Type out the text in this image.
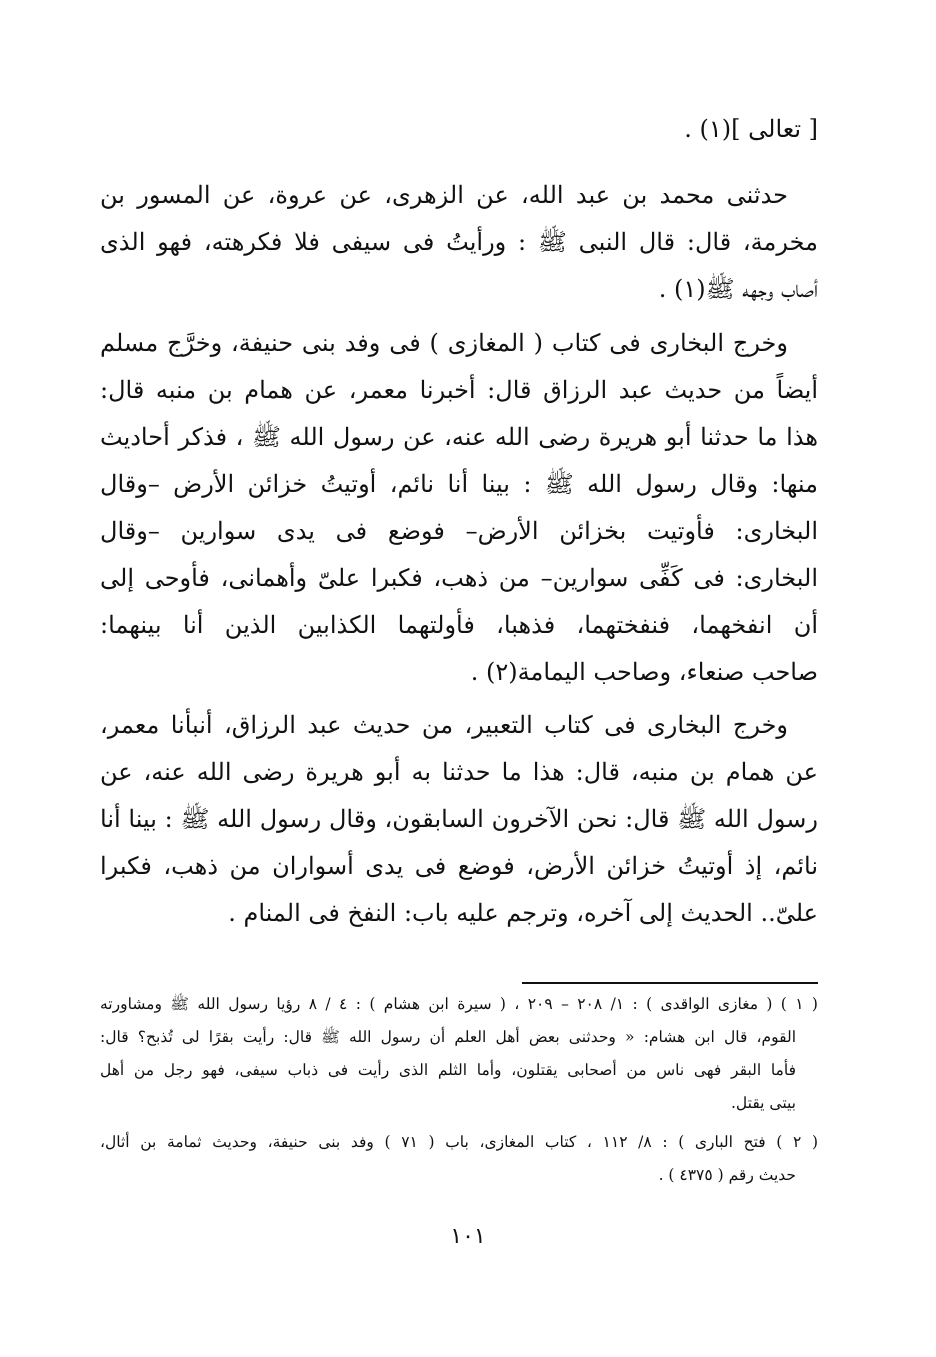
[ تعالى ](١) .
حدثنى محمد بن عبد الله، عن الزهرى، عن عروة، عن المسور بن
مخرمة، قال: قال النبى ﷺ : ورأيتُ فى سيفى فلا فكرهته، فهو الذى
أصاب وجهه ﷺ(١) .
وخرج البخارى فى كتاب ( المغازى ) فى وفد بنى حنيفة، وخرَّج مسلم
أيضاً من حديث عبد الرزاق قال: أخبرنا معمر، عن همام بن منبه قال:
هذا ما حدثنا أبو هريرة رضى الله عنه، عن رسول الله ﷺ ، فذكر أحاديث
منها: وقال رسول الله ﷺ : بينا أنا نائم، أوتيتُ خزائن الأرض –وقال
البخارى: فأوتيت بخزائن الأرض– فوضع فى يدى سوارين –وقال
البخارى: فى كَفِّى سوارين– من ذهب، فكبرا علىّ وأهمانى، فأوحى إلى
أن انفخهما، فنفختهما، فذهبا، فأولتهما الكذابين الذين أنا بينهما:
صاحب صنعاء، وصاحب اليمامة(٢) .
وخرج البخارى فى كتاب التعبير، من حديث عبد الرزاق، أنبأنا معمر،
عن همام بن منبه، قال: هذا ما حدثنا به أبو هريرة رضى الله عنه، عن
رسول الله ﷺ قال: نحن الآخرون السابقون، وقال رسول الله ﷺ : بينا أنا
نائم، إذ أوتيتُ خزائن الأرض، فوضع فى يدى أسواران من ذهب، فكبرا
علىّ.. الحديث إلى آخره، وترجم عليه باب: النفخ فى المنام .
( ١ ) ( مغازى الواقدى ) : ١/ ٢٠٨ – ٢٠٩ ، ( سيرة ابن هشام ) : ٤ / ٨ رؤيا رسول الله ﷺ ومشاورته
القوم، قال ابن هشام: « وحدثنى بعض أهل العلم أن رسول الله ﷺ قال: رأيت بقرًا لى تُذبح؟ قال:
فأما البقر فهى ناس من أصحابى يقتلون، وأما الثلم الذى رأيت فى ذباب سيفى، فهو رجل من أهل
بيتى يقتل.
( ٢ ) فتح البارى ) : ٨/ ١١٢ ، كتاب المغازى، باب ( ٧١ ) وفد بنى حنيفة، وحديث ثمامة بن أثال،
حديث رقم ( ٤٣٧٥ ) .
١٠١
